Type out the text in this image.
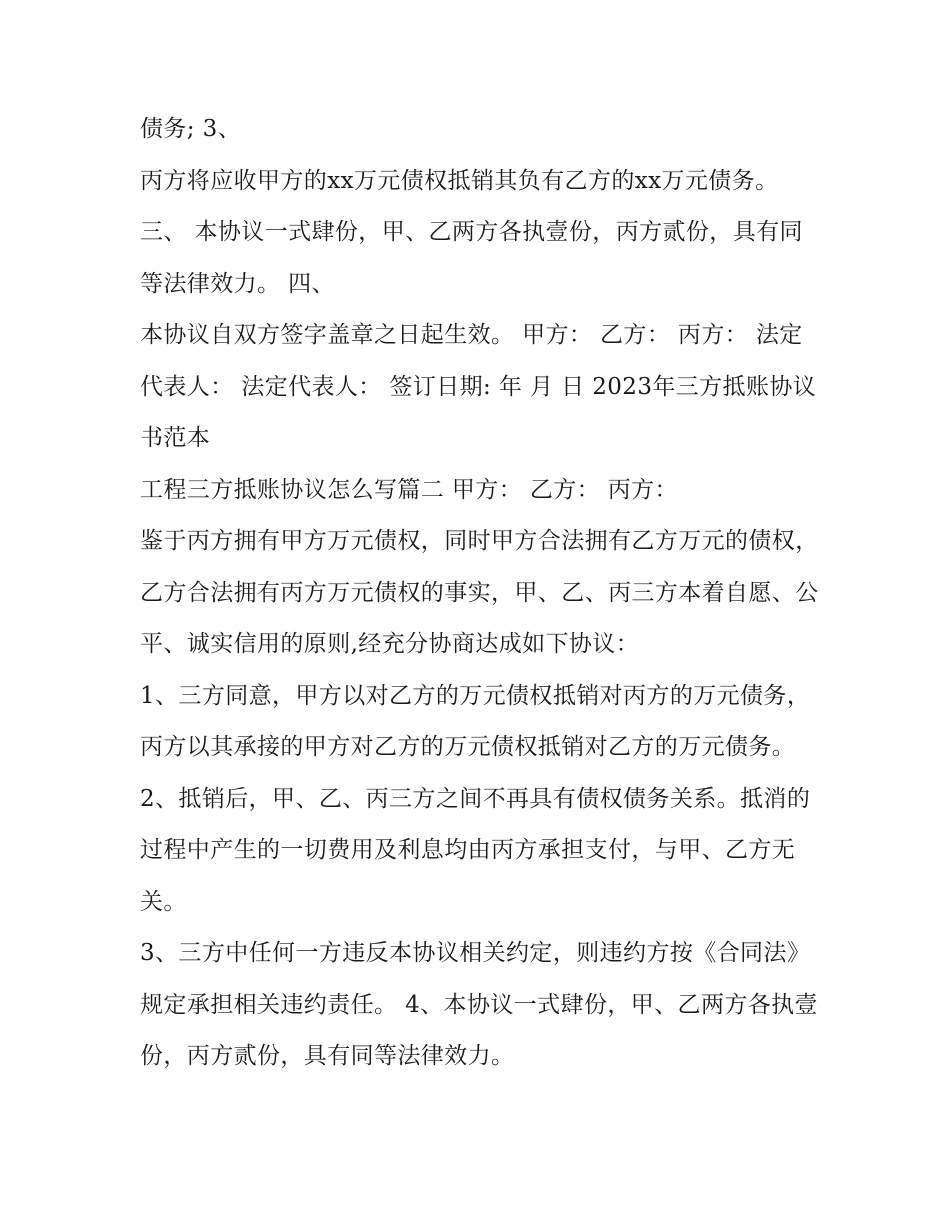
债务; 3、
丙方将应收甲方的xx万元债权抵销其负有乙方的xx万元债务。 三、 本协议一式肆份，甲、乙两方各执壹份，丙方贰份，具有同等法律效力。 四、
本协议自双方签字盖章之日起生效。 甲方： 乙方： 丙方： 法定代表人： 法定代表人： 签订日期: 年 月 日 2023年三方抵账协议书范本
工程三方抵账协议怎么写篇二 甲方： 乙方： 丙方：
鉴于丙方拥有甲方万元债权，同时甲方合法拥有乙方万元的债权，乙方合法拥有丙方万元债权的事实，甲、乙、丙三方本着自愿、公平、诚实信用的原则,经充分协商达成如下协议：
1、三方同意，甲方以对乙方的万元债权抵销对丙方的万元债务，丙方以其承接的甲方对乙方的万元债权抵销对乙方的万元债务。
2、抵销后，甲、乙、丙三方之间不再具有债权债务关系。抵消的过程中产生的一切费用及利息均由丙方承担支付，与甲、乙方无关。
3、三方中任何一方违反本协议相关约定，则违约方按《合同法》规定承担相关违约责任。 4、本协议一式肆份，甲、乙两方各执壹份，丙方贰份，具有同等法律效力。
